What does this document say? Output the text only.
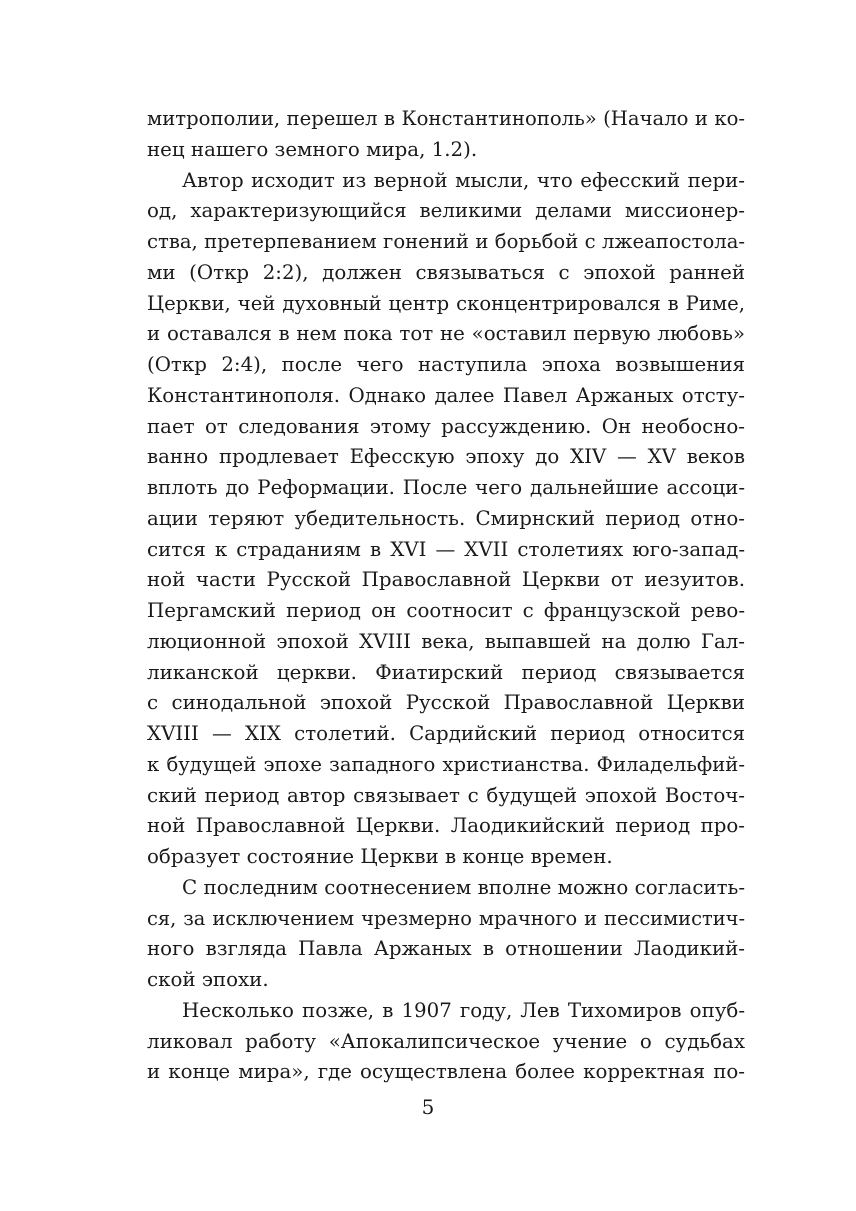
митрополии, перешел в Константинополь» (Начало и ко-
нец нашего земного мира, 1.2).
Автор исходит из верной мысли, что ефесский пери-
од, характеризующийся великими делами миссионер-
ства, претерпеванием гонений и борьбой с лжеапостола-
ми (Откр 2:2), должен связываться с эпохой ранней
Церкви, чей духовный центр сконцентрировался в Риме,
и оставался в нем пока тот не «оставил первую любовь»
(Откр 2:4), после чего наступила эпоха возвышения
Константинополя. Однако далее Павел Аржаных отсту-
пает от следования этому рассуждению. Он необосно-
ванно продлевает Ефесскую эпоху до XIV — XV веков
вплоть до Реформации. После чего дальнейшие ассоци-
ации теряют убедительность. Смирнский период отно-
сится к страданиям в XVI — XVII столетиях юго-запад-
ной части Русской Православной Церкви от иезуитов.
Пергамский период он соотносит с французской рево-
люционной эпохой XVIII века, выпавшей на долю Гал-
ликанской церкви. Фиатирский период связывается
с синодальной эпохой Русской Православной Церкви
XVIII — XIX столетий. Сардийский период относится
к будущей эпохе западного христианства. Филадельфий-
ский период автор связывает с будущей эпохой Восточ-
ной Православной Церкви. Лаодикийский период про-
образует состояние Церкви в конце времен.
С последним соотнесением вполне можно согласить-
ся, за исключением чрезмерно мрачного и пессимистич-
ного взгляда Павла Аржаных в отношении Лаодикий-
ской эпохи.
Несколько позже, в 1907 году, Лев Тихомиров опуб-
ликовал работу «Апокалипсическое учение о судьбах
и конце мира», где осуществлена более корректная по-
5
